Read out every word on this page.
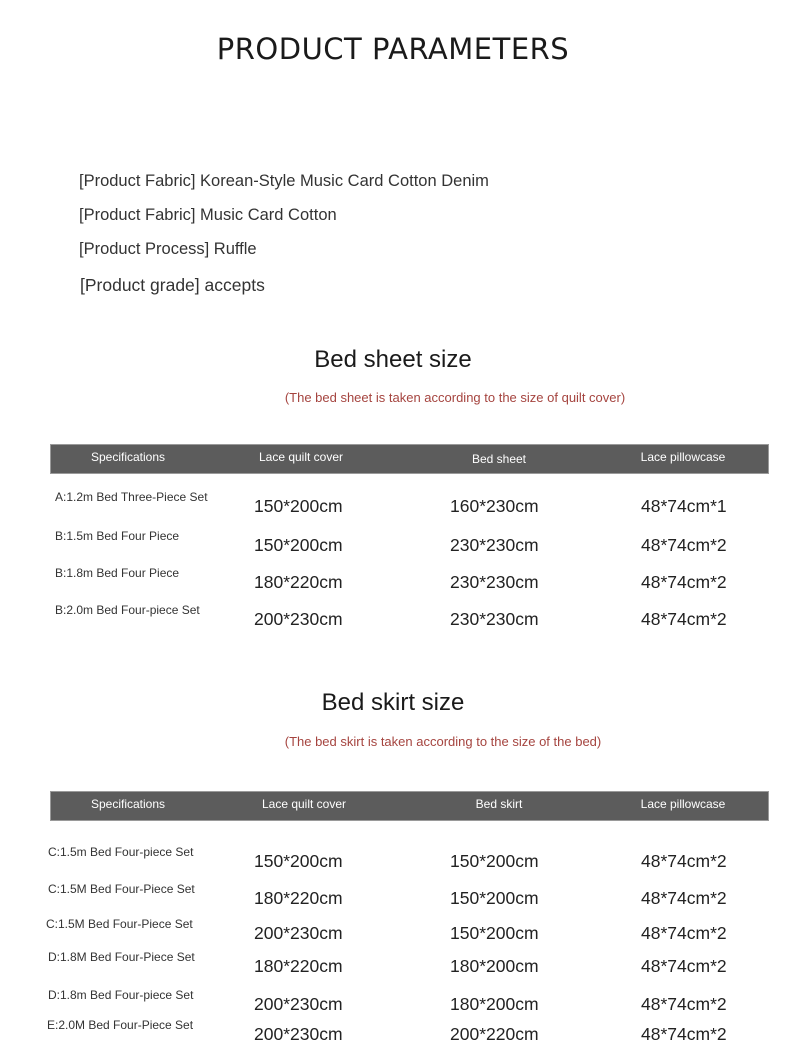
PRODUCT PARAMETERS
[Product Fabric] Korean-Style Music Card Cotton Denim
[Product Fabric] Music Card Cotton
[Product Process] Ruffle
[Product grade] accepts
Bed sheet size
(The bed sheet is taken according to the size of quilt cover)
Specifications	Lace quilt cover	Bed sheet	Lace pillowcase
A:1.2m Bed Three-Piece Set	150*200cm	160*230cm	48*74cm*1
B:1.5m Bed Four Piece	150*200cm	230*230cm	48*74cm*2
B:1.8m Bed Four Piece	180*220cm	230*230cm	48*74cm*2
B:2.0m Bed Four-piece Set	200*230cm	230*230cm	48*74cm*2
Bed skirt size
(The bed skirt is taken according to the size of the bed)
Specifications	Lace quilt cover	Bed skirt	Lace pillowcase
C:1.5m Bed Four-piece Set	150*200cm	150*200cm	48*74cm*2
C:1.5M Bed Four-Piece Set	180*220cm	150*200cm	48*74cm*2
C:1.5M Bed Four-Piece Set	200*230cm	150*200cm	48*74cm*2
D:1.8M Bed Four-Piece Set	180*220cm	180*200cm	48*74cm*2
D:1.8m Bed Four-piece Set	200*230cm	180*200cm	48*74cm*2
E:2.0M Bed Four-Piece Set	200*230cm	200*220cm	48*74cm*2
